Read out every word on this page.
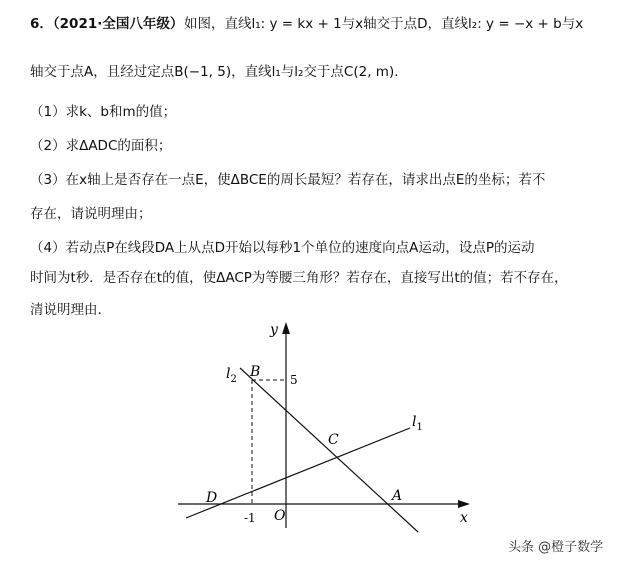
6．（2021·全国八年级） 如图，直线l₁: y = kx + 1与x轴交于点D，直线l₂: y = −x + b与x
轴交于点A，且经过定点B(−1, 5)，直线l₁与l₂交于点C(2, m)．
（1）求k、b和m的值；
（2）求ΔADC的面积；
（3）在x轴上是否存在一点E，使ΔBCE的周长最短？若存在，请求出点E的坐标；若不
存在，请说明理由；
（4）若动点P在线段DA上从点D开始以每秒1个单位的速度向点A运动，设点P的运动
时间为t秒．是否存在t的值，使ΔACP为等腰三角形？若存在，直接写出t的值；若不存在，
清说明理由．
y
x
O
$l_2$
$l_1$
B
C
D	A
5
-1
头条 @橙子数学
